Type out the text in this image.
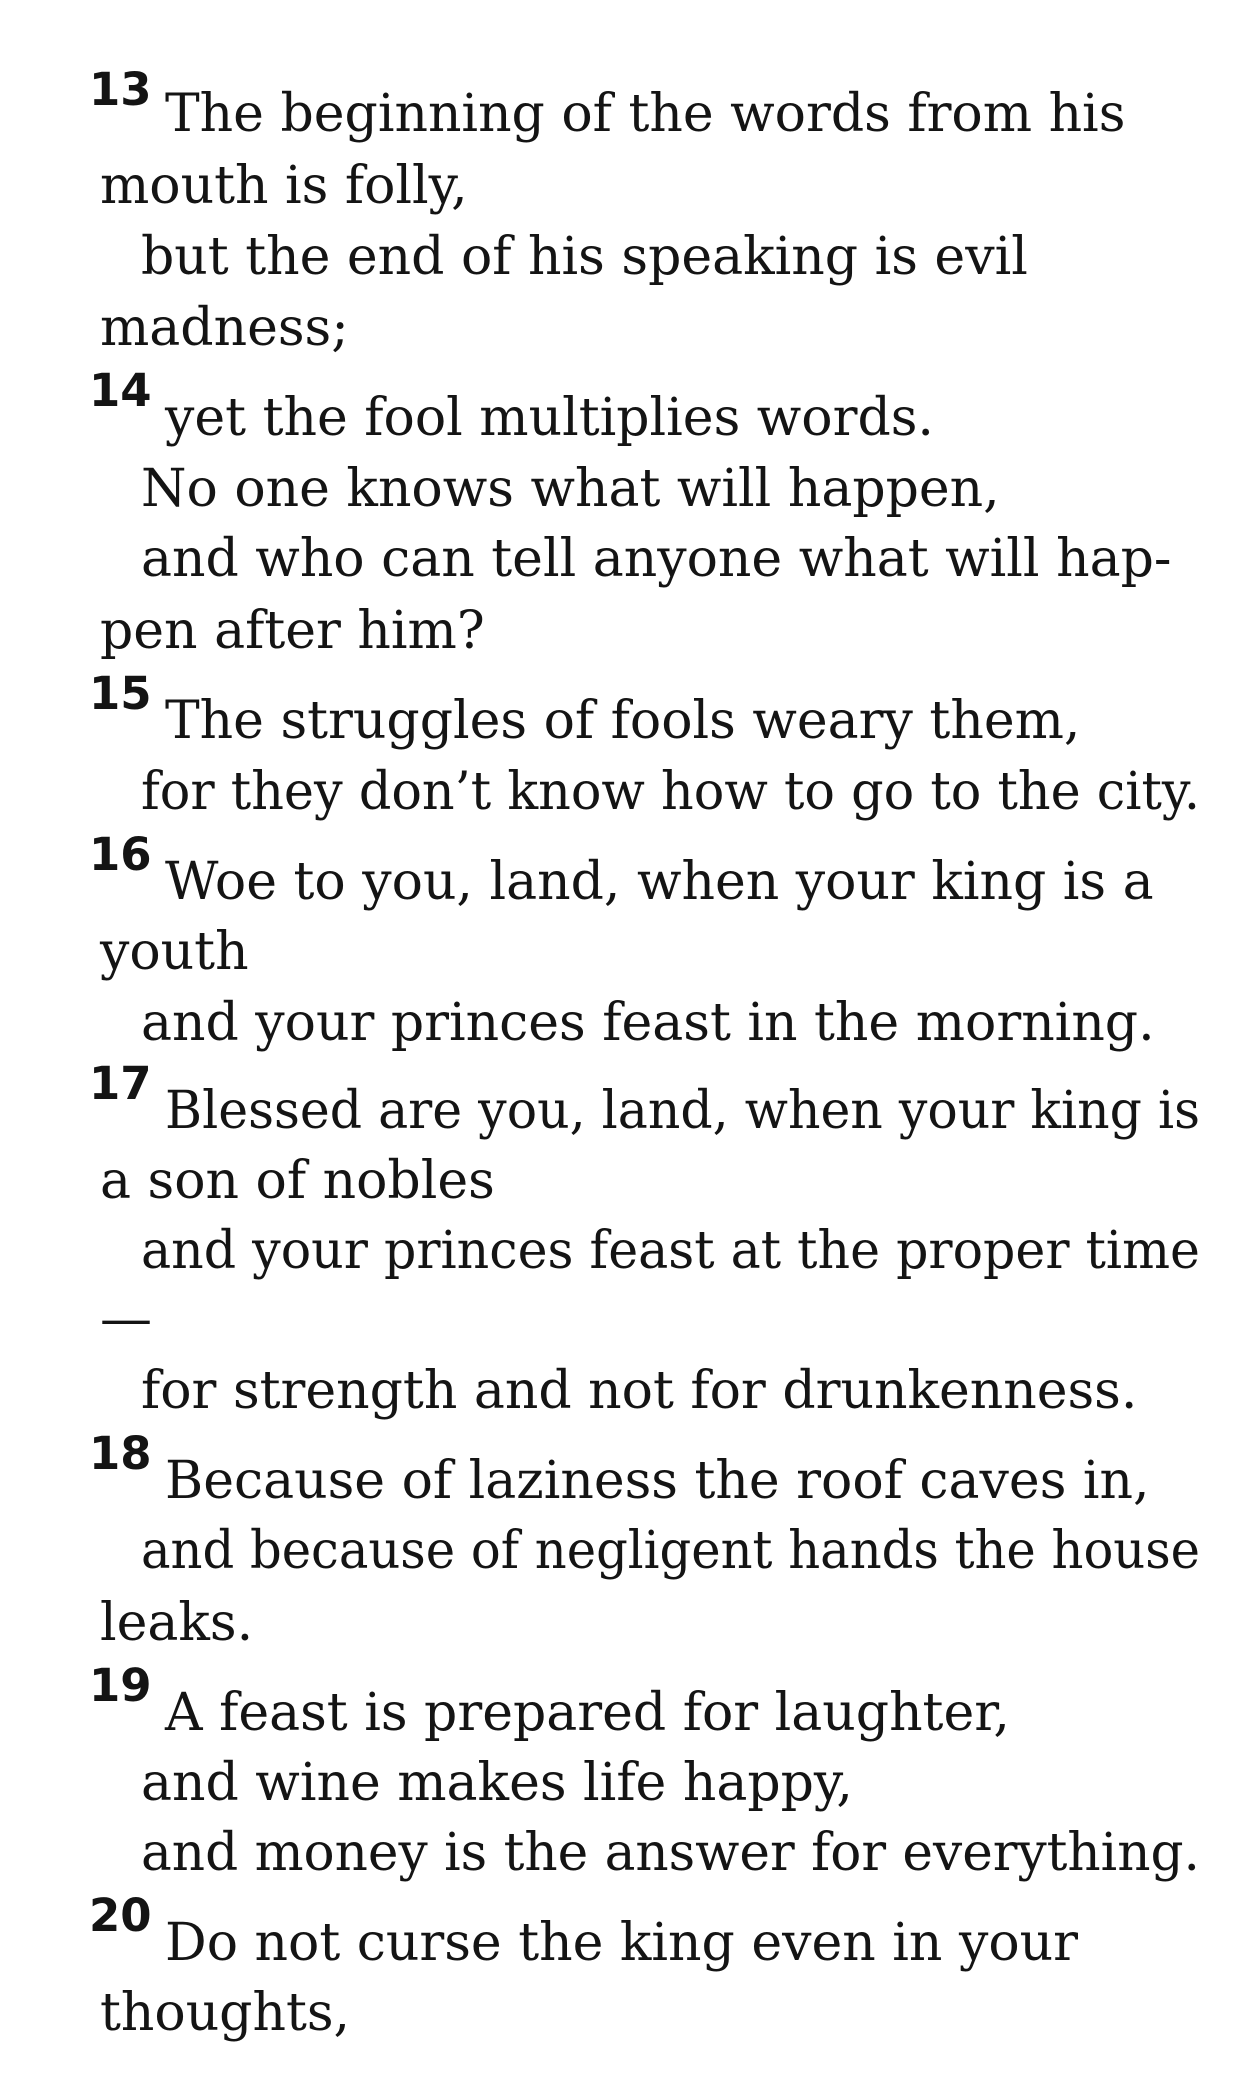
13 The beginning of the words from his
mouth is folly,
but the end of his speaking is evil
madness;
14 yet the fool multiplies words.
No one knows what will happen,
and who can tell anyone what will hap-
pen after him?
15 The struggles of fools weary them,
for they don’t know how to go to the city.
16 Woe to you, land, when your king is a
youth
and your princes feast in the morning.
17 Blessed are you, land, when your king is
a son of nobles
and your princes feast at the proper time
—
for strength and not for drunkenness.
18 Because of laziness the roof caves in,
and because of negligent hands the house
leaks.
19 A feast is prepared for laughter,
and wine makes life happy,
and money is the answer for everything.
20 Do not curse the king even in your
thoughts,
